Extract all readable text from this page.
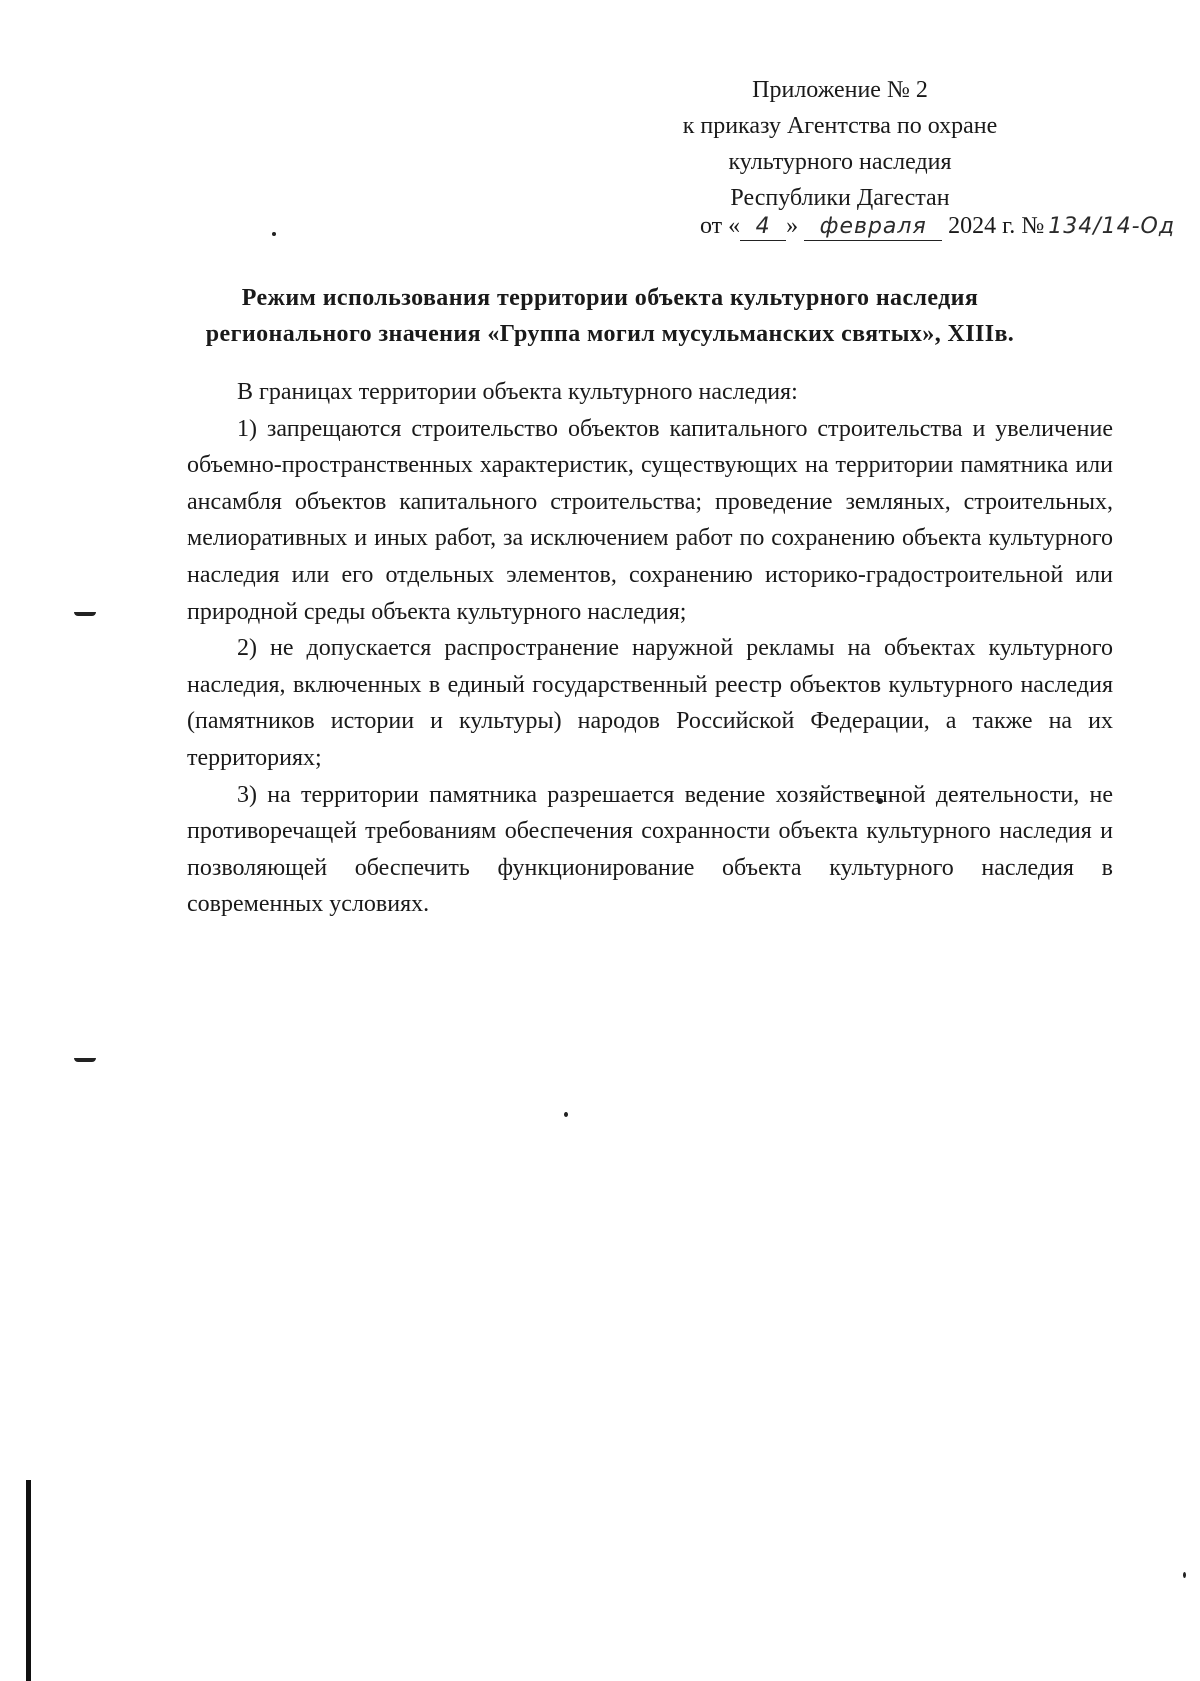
Приложение № 2
к приказу Агентства по охране
культурного наследия
Республики Дагестан
от « 4 » февраля 2024 г. № 134/14-Од
Режим использования территории объекта культурного наследия
регионального значения «Группа могил мусульманских святых», XIIIв.

В границах территории объекта культурного наследия:

1) запрещаются строительство объектов капитального строительства и увеличение объемно-пространственных характеристик, существующих на территории памятника или ансамбля объектов капитального строительства; проведение земляных, строительных, мелиоративных и иных работ, за исключением работ по сохранению объекта культурного наследия или его отдельных элементов, сохранению историко-градостроительной или природной среды объекта культурного наследия;

2) не допускается распространение наружной рекламы на объектах культурного наследия, включенных в единый государственный реестр объектов культурного наследия (памятников истории и культуры) народов Российской Федерации, а также на их территориях;

3) на территории памятника разрешается ведение хозяйственной деятельности, не противоречащей требованиям обеспечения сохранности объекта культурного наследия и позволяющей обеспечить функционирование объекта культурного наследия в современных условиях.
